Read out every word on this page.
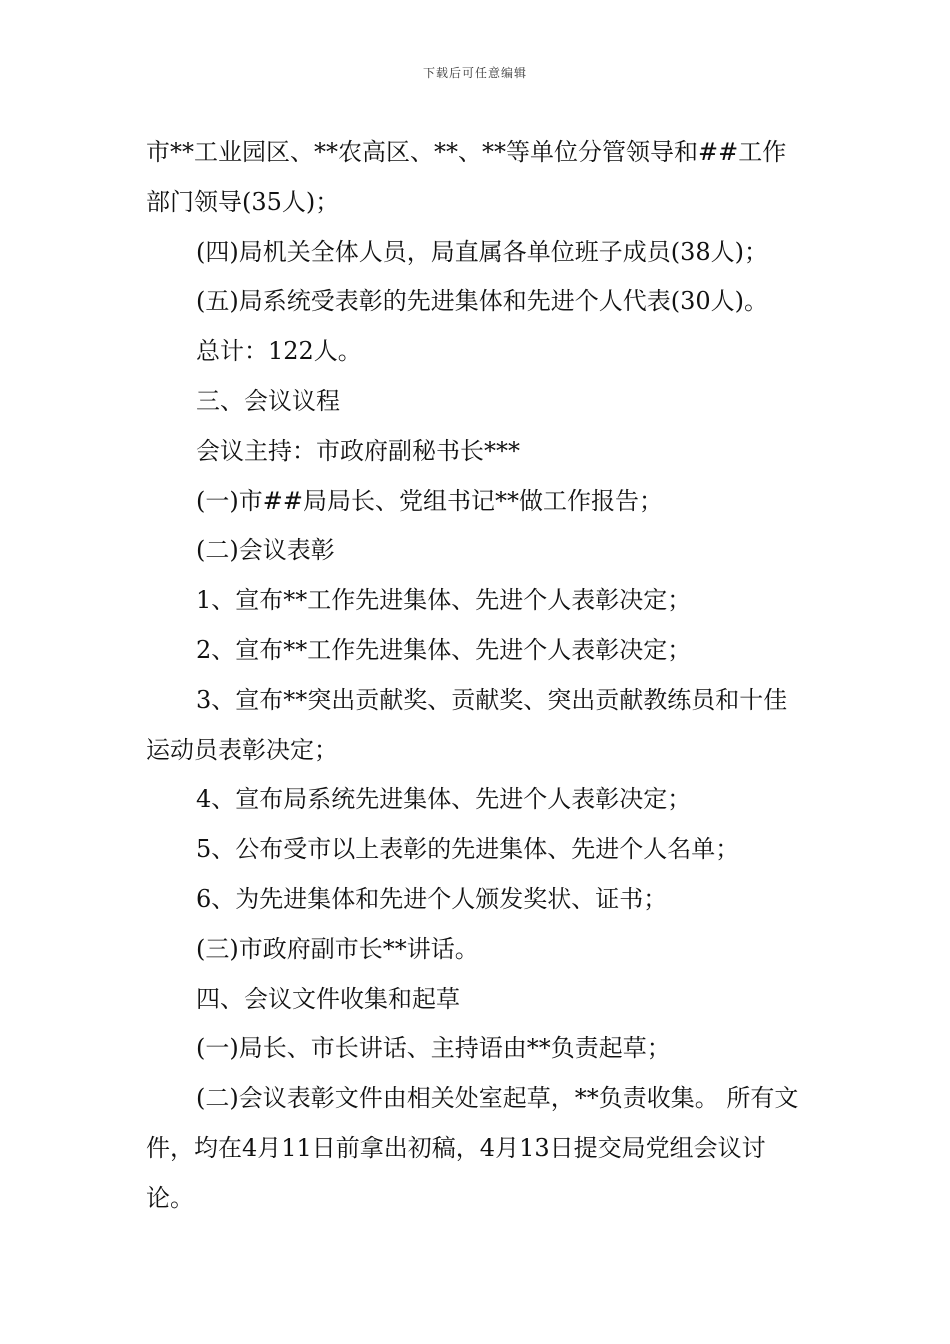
下载后可任意编辑

市**工业园区、**农高区、**、**等单位分管领导和##工作部门领导(35人)；

(四)局机关全体人员，局直属各单位班子成员(38人)；

(五)局系统受表彰的先进集体和先进个人代表(30人)。

总计：122人。

三、会议议程

会议主持：市政府副秘书长***

(一)市##局局长、党组书记**做工作报告；

(二)会议表彰

1、宣布**工作先进集体、先进个人表彰决定；

2、宣布**工作先进集体、先进个人表彰决定；

3、宣布**突出贡献奖、贡献奖、突出贡献教练员和十佳运动员表彰决定；

4、宣布局系统先进集体、先进个人表彰决定；

5、公布受市以上表彰的先进集体、先进个人名单；

6、为先进集体和先进个人颁发奖状、证书；

(三)市政府副市长**讲话。

四、会议文件收集和起草

(一)局长、市长讲话、主持语由**负责起草；

(二)会议表彰文件由相关处室起草，**负责收集。 所有文件，均在4月11日前拿出初稿，4月13日提交局党组会议讨论。
